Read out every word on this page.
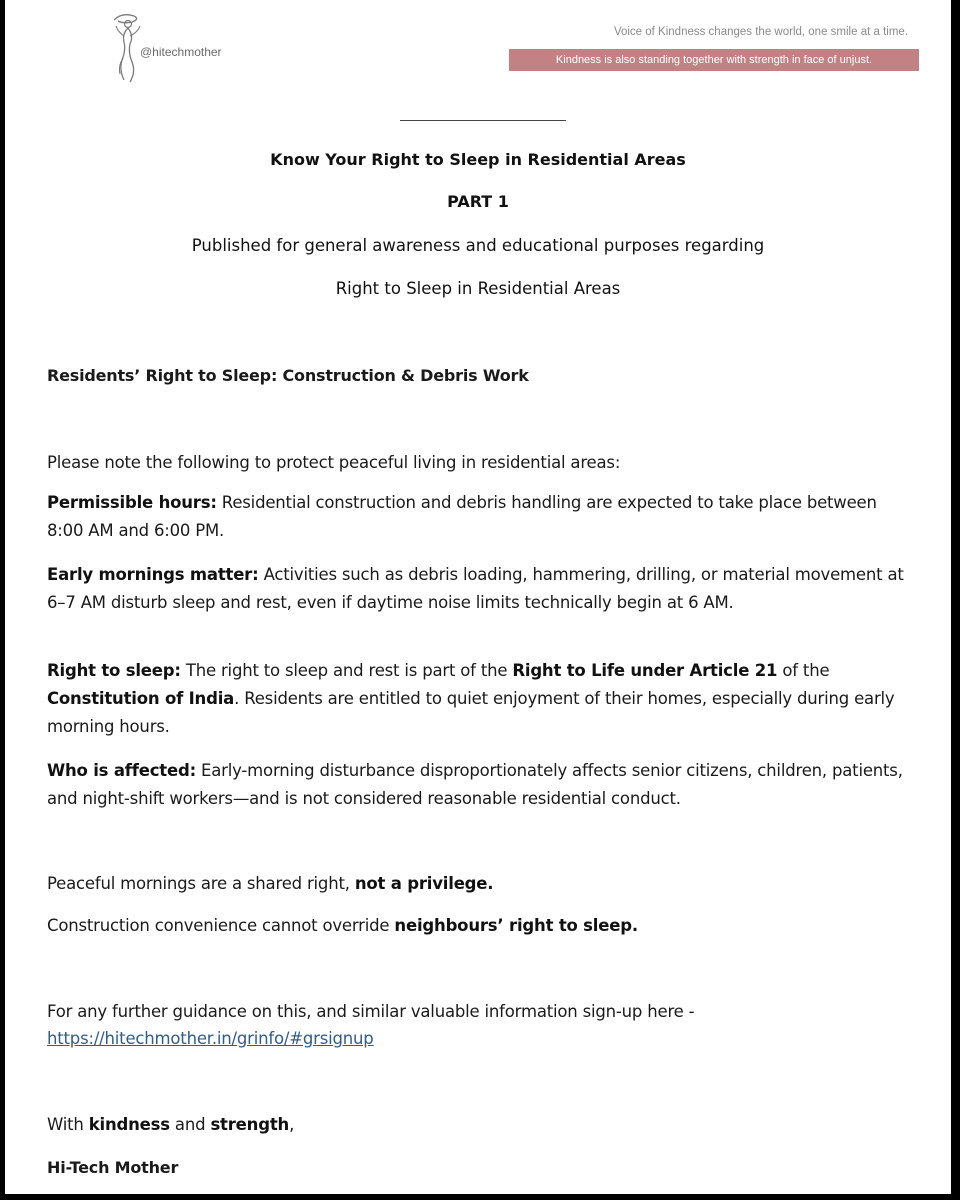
@hitechmother
Voice of Kindness changes the world, one smile at a time.
Kindness is also standing together with strength in face of unjust.
Know Your Right to Sleep in Residential Areas
PART 1
Published for general awareness and educational purposes regarding
Right to Sleep in Residential Areas
Residents’ Right to Sleep: Construction & Debris Work
Please note the following to protect peaceful living in residential areas:
Permissible hours: Residential construction and debris handling are expected to take place between 8:00 AM and 6:00 PM.
Early mornings matter: Activities such as debris loading, hammering, drilling, or material movement at 6–7 AM disturb sleep and rest, even if daytime noise limits technically begin at 6 AM.
Right to sleep: The right to sleep and rest is part of the Right to Life under Article 21 of the Constitution of India. Residents are entitled to quiet enjoyment of their homes, especially during early morning hours.
Who is affected: Early-morning disturbance disproportionately affects senior citizens, children, patients, and night-shift workers—and is not considered reasonable residential conduct.
Peaceful mornings are a shared right, not a privilege.
Construction convenience cannot override neighbours’ right to sleep.
For any further guidance on this, and similar valuable information sign-up here -
https://hitechmother.in/grinfo/#grsignup
With kindness and strength,
Hi-Tech Mother
